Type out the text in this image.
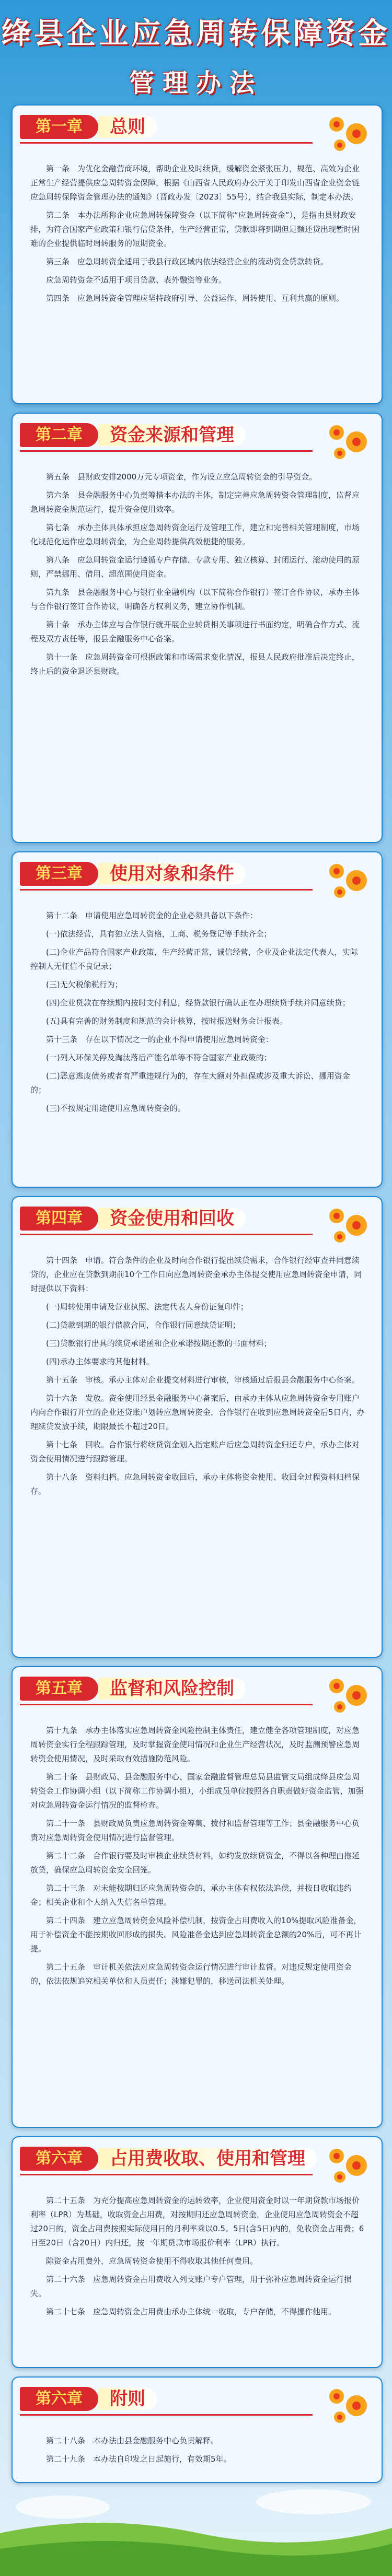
绛县企业应急周转保障资金
管理办法
第一章	总则

第一条　为优化金融营商环境，帮助企业及时续贷，缓解资金紧张压力，规范、高效为企业正常生产经营提供应急周转资金保障，根据《山西省人民政府办公厅关于印发山西省企业资金链应急周转保障资金管理办法的通知》（晋政办发〔2023〕55号），结合我县实际，制定本办法。

第二条　本办法所称企业应急周转保障资金（以下简称“应急周转资金”），是指由县财政安排，为符合国家产业政策和银行信贷条件，生产经营正常，贷款即将到期但足额还贷出现暂时困难的企业提供临时周转服务的短期资金。

第三条　应急周转资金适用于我县行政区域内依法经营企业的流动资金贷款转贷。

应急周转资金不适用于项目贷款、表外融资等业务。

第四条　应急周转资金管理应坚持政府引导、公益运作、周转使用、互利共赢的原则。

第二章	资金来源和管理

第五条　县财政安排2000万元专项资金，作为设立应急周转资金的引导资金。

第六条　县金融服务中心负责筹措本办法的主体，制定完善应急周转资金管理制度，监督应急周转资金规范运行，提升资金使用效率。

第七条　承办主体具体承担应急周转资金运行及管理工作，建立和完善相关管理制度，市场化规范化运作应急周转资金，为企业周转提供高效便捷的服务。

第八条　应急周转资金运行遵循专户存储、专款专用、独立核算、封闭运行、滚动使用的原则，严禁挪用、借用、超范围使用资金。

第九条　县金融服务中心与银行业金融机构（以下简称合作银行）签订合作协议，承办主体与合作银行签订合作协议，明确各方权利义务，建立协作机制。

第十条　承办主体应与合作银行就开展企业转贷相关事项进行书面约定，明确合作方式、流程及双方责任等，报县金融服务中心备案。

第十一条　应急周转资金可根据政策和市场需求变化情况，报县人民政府批准后决定终止，终止后的资金退还县财政。

第三章	使用对象和条件

第十二条　申请使用应急周转资金的企业必须具备以下条件：

(一)依法经营，具有独立法人资格，工商、税务登记等手续齐全；

(二)企业产品符合国家产业政策，生产经营正常，诚信经营，企业及企业法定代表人，实际控制人无征信不良记录；

(三)无欠税偷税行为；

(四)企业贷款在存续期内按时支付利息，经贷款银行确认正在办理续贷手续并同意续贷；

(五)具有完善的财务制度和规范的会计核算，按时报送财务会计报表。

第十三条　存在以下情况之一的企业不得申请使用应急周转资金：

(一)列入环保关停及淘汰落后产能名单等不符合国家产业政策的；

(二)恶意逃废债务或者有严重违规行为的，存在大额对外担保或涉及重大诉讼、挪用资金的；

(三)不按规定用途使用应急周转资金的。

第四章	资金使用和回收

第十四条　申请。符合条件的企业及时向合作银行提出续贷需求，合作银行经审查并同意续贷的，企业应在贷款到期前10个工作日向应急周转资金承办主体提交使用应急周转资金申请，同时提供以下资料：

(一)周转使用申请及营业执照、法定代表人身份证复印件；

(二)贷款到期的银行借款合同，合作银行同意续贷证明；

(三)贷款银行出具的续贷承诺函和企业承诺按期还款的书面材料；

(四)承办主体要求的其他材料。

第十五条　审核。承办主体对企业提交材料进行审核，审核通过后报县金融服务中心备案。

第十六条　发放。资金使用经县金融服务中心备案后，由承办主体从应急周转资金专用账户内向合作银行开立的企业还贷账户划转应急周转资金，合作银行在收到应急周转资金后5日内，办理续贷发放手续，期限最长不超过20日。

第十七条　回收。合作银行将续贷资金划入指定账户后应急周转资金归还专户，承办主体对资金使用情况进行跟踪管理。

第十八条　资料归档。应急周转资金收回后，承办主体将资金使用、收回全过程资料归档保存。

第五章	监督和风险控制

第十九条　承办主体落实应急周转资金风险控制主体责任，建立健全各项管理制度，对应急周转资金实行全程跟踪管理，及时掌握资金使用情况和企业生产经营状况，及时监测预警应急周转资金使用情况，及时采取有效措施防范风险。

第二十条　县财政局、县金融服务中心、国家金融监督管理总局县监管支局组成绛县应急周转资金工作协调小组（以下简称工作协调小组），小组成员单位按照各自职责做好资金监管，加强对应急周转资金运行情况的监督检查。

第二十一条　县财政局负责应急周转资金筹集、拨付和监督管理等工作；县金融服务中心负责对应急周转资金使用情况进行监督管理。

第二十二条　合作银行要及时审核企业续贷材料，如约发放续贷资金，不得以各种理由拖延放贷，确保应急周转资金安全回笼。

第二十三条　对未能按期归还应急周转资金的，承办主体有权依法追偿，并按日收取违约金；相关企业和个人纳入失信名单管理。

第二十四条　建立应急周转资金风险补偿机制，按资金占用费收入的10%提取风险准备金，用于补偿资金不能按期收回形成的损失。风险准备金达到应急周转资金总额的20%后，可不再计提。

第二十五条　审计机关依法对应急周转资金运行情况进行审计监督。对违反规定使用资金的，依法依规追究相关单位和人员责任；涉嫌犯罪的，移送司法机关处理。

第六章	占用费收取、使用和管理

第二十五条　为充分提高应急周转资金的运转效率，企业使用资金时以一年期贷款市场报价利率（LPR）为基础，收取资金占用费，对按期归还应急周转资金，企业使用应急周转资金不超过20日的，资金占用费按照实际使用日的月利率乘以0.5。5日(含5日)内的，免收资金占用费；6日至20日（含20日）内归还，按一年期贷款市场报价利率（LPR）执行。

除资金占用费外，应急周转资金使用不得收取其他任何费用。

第二十六条　应急周转资金占用费收入列支账户专户管理，用于弥补应急周转资金运行损失。

第二十七条　应急周转资金占用费由承办主体统一收取，专户存储，不得挪作他用。

第六章	附则

第二十八条　本办法由县金融服务中心负责解释。

第二十九条　本办法自印发之日起施行，有效期5年。
